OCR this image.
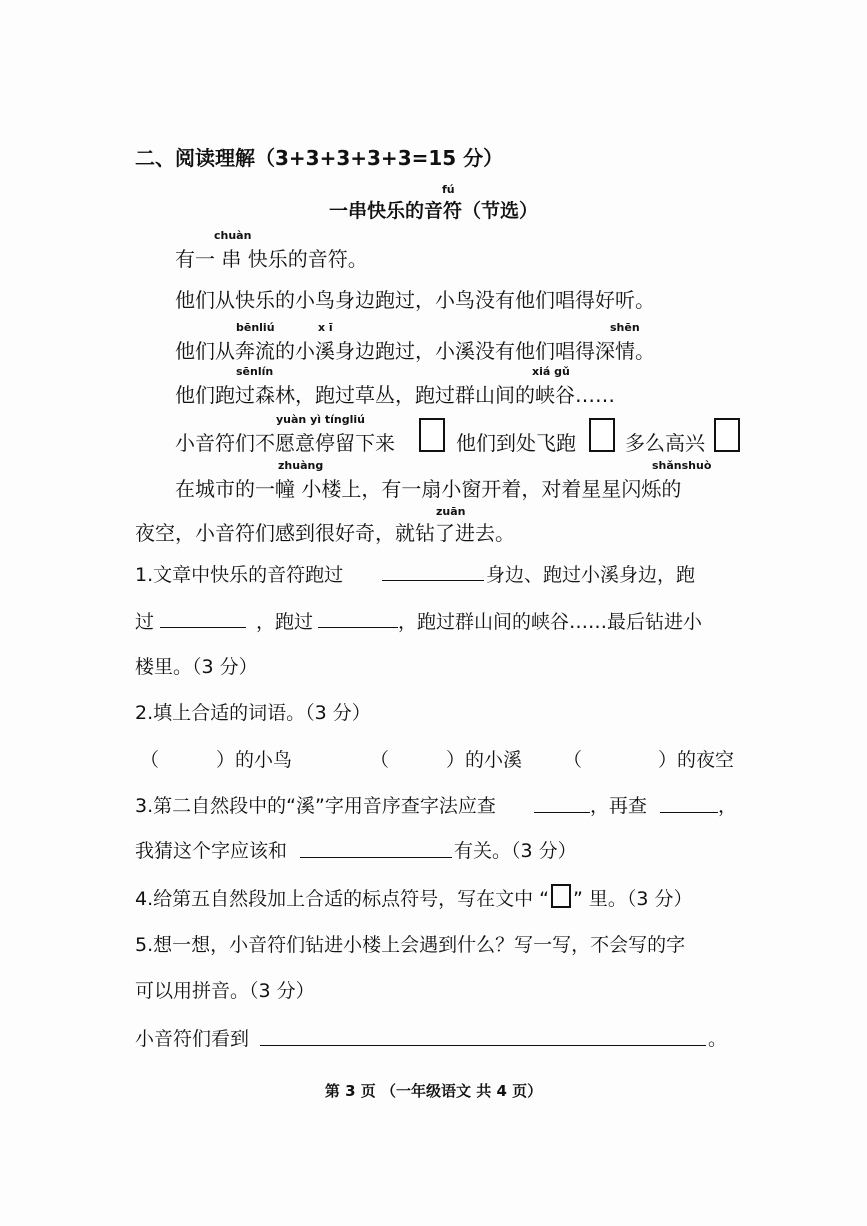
二、阅读理解（3+3+3+3+3=15 分）
fú
一串快乐的音符（节选）
chuàn
有一 串 快乐的音符。
他们从快乐的小鸟身边跑过，小鸟没有他们唱得好听。
bēnliú	x ī	shēn
他们从奔流的小溪身边跑过，小溪没有他们唱得深情。
sēnlín	xiá gǔ
他们跑过森林，跑过草丛，跑过群山间的峡谷……
yuàn yì tíngliú
小音符们不愿意停留下来	他们到处飞跑 多么高兴
zhuàng	shǎnshuò
在城市的一幢 小楼上，有一扇小窗开着，对着星星闪烁的
zuān
夜空，小音符们感到很好奇，就钻了进去。
1.文章中快乐的音符跑过	身边、跑过小溪身边，跑
过	，跑过	，跑过群山间的峡谷……最后钻进小
楼里。（3 分）
2.填上合适的词语。（3 分）
（　　　）的小鸟	（　　　）的小溪 （　　　　）的夜空
3.第二自然段中的“溪”字用音序查字法应查	，再查	，
我猜这个字应该和	有关。（3 分）
4.给第五自然段加上合适的标点符号，写在文中 “ ” 里。（3 分）
5.想一想，小音符们钻进小楼上会遇到什么？写一写，不会写的字
可以用拼音。（3 分）
小音符们看到	。
第 3 页 （一年级语文 共 4 页）
